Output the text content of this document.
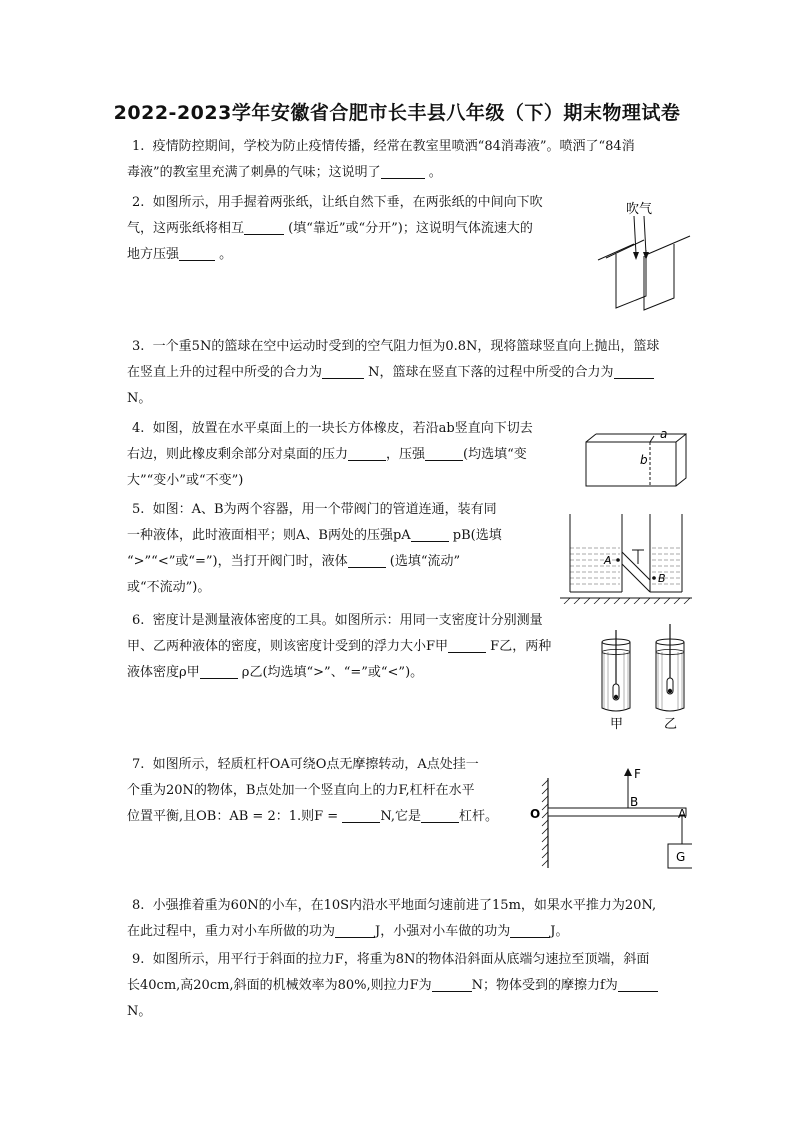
2022-2023学年安徽省合肥市长丰县八年级（下）期末物理试卷
1. 疫情防控期间，学校为防止疫情传播，经常在教室里喷洒“84消毒液”。喷洒了“84消
毒液”的教室里充满了刺鼻的气味；这说明了	。
2. 如图所示，用手握着两张纸，让纸自然下垂，在两张纸的中间向下吹
气，这两张纸将相互	(填“靠近”或“分开”)；这说明气体流速大的
地方压强	。
吹气
3. 一个重5N的篮球在空中运动时受到的空气阻力恒为0.8N，现将篮球竖直向上抛出，篮球
在竖直上升的过程中所受的合力为	N，篮球在竖直下落的过程中所受的合力为
N。
4. 如图，放置在水平桌面上的一块长方体橡皮，若沿ab竖直向下切去
右边，则此橡皮剩余部分对桌面的压力	，压强	(均选填“变
大”“变小”或“不变”)
a
b
5. 如图：A、B为两个容器，用一个带阀门的管道连通，装有同
一种液体，此时液面相平；则A、B两处的压强pA	pB(选填
“>”“<”或“=”)，当打开阀门时，液体	(选填“流动”
或“不流动”)。
A
B
6. 密度计是测量液体密度的工具。如图所示：用同一支密度计分别测量
甲、乙两种液体的密度，则该密度计受到的浮力大小F甲	F乙，两种
液体密度ρ甲	ρ乙(均选填“>”、“=”或“<”)。
甲	乙
7. 如图所示，轻质杠杆OA可绕O点无摩擦转动，A点处挂一
个重为20N的物体，B点处加一个竖直向上的力F,杠杆在水平
位置平衡,且OB：AB = 2：1.则F =	N,它是	杠杆。	O
F
B
A
G
8. 小强推着重为60N的小车，在10S内沿水平地面匀速前进了15m，如果水平推力为20N,
在此过程中，重力对小车所做的功为	J，小强对小车做的功为	J。
9. 如图所示，用平行于斜面的拉力F，将重为8N的物体沿斜面从底端匀速拉至顶端，斜面
长40cm,高20cm,斜面的机械效率为80%,则拉力F为	N；物体受到的摩擦力f为
N。
